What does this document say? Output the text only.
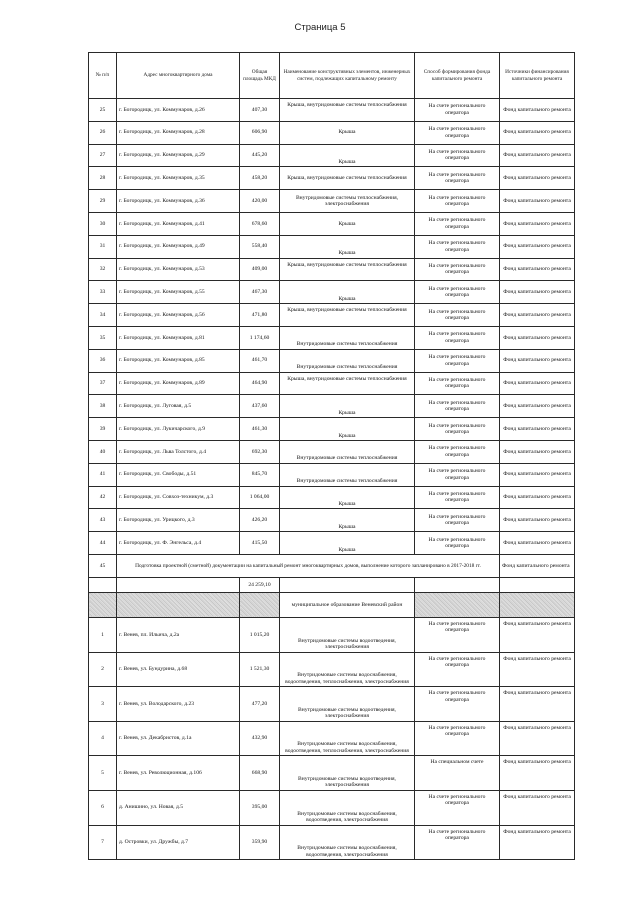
Страница 5
№ п/п	Адрес многоквартирного дома	Общая площадь МКД	Наименование конструктивных элементов, инженерных систем, подлежащих капитальному ремонту	Способ формирования фонда капитального ремонта	Источники финансирования капитального ремонта
25	г. Богородицк, ул. Коммунаров, д.26	407,30	Крыша, внутридомовые системы теплоснабжения	На счете регионального оператора	Фонд капитального ремонта
26	г. Богородицк, ул. Коммунаров, д.28	606,90	Крыша	На счете регионального оператора	Фонд капитального ремонта
27	г. Богородицк, ул. Коммунаров, д.29	445,20	Крыша	На счете регионального оператора	Фонд капитального ремонта
28	г. Богородицк, ул. Коммунаров, д.35	458,20	Крыша, внутридомовые системы теплоснабжения	На счете регионального оператора	Фонд капитального ремонта
29	г. Богородицк, ул. Коммунаров, д.36	420,00	Внутридомовые системы теплоснабжения, электроснабжения	На счете регионального оператора	Фонд капитального ремонта
30	г. Богородицк, ул. Коммунаров, д.41	678,60	Крыша	На счете регионального оператора	Фонд капитального ремонта
31	г. Богородицк, ул. Коммунаров, д.49	558,40	Крыша	На счете регионального оператора	Фонд капитального ремонта
32	г. Богородицк, ул. Коммунаров, д.53	409,00	Крыша, внутридомовые системы теплоснабжения	На счете регионального оператора	Фонд капитального ремонта
33	г. Богородицк, ул. Коммунаров, д.55	467,30	Крыша	На счете регионального оператора	Фонд капитального ремонта
34	г. Богородицк, ул. Коммунаров, д.56	471,80	Крыша, внутридомовые системы теплоснабжения	На счете регионального оператора	Фонд капитального ремонта
35	г. Богородицк, ул. Коммунаров, д.81	1 174,60	Внутридомовые системы теплоснабжения	На счете регионального оператора	Фонд капитального ремонта
36	г. Богородицк, ул. Коммунаров, д.85	461,70	Внутридомовые системы теплоснабжения	На счете регионального оператора	Фонд капитального ремонта
37	г. Богородицк, ул. Коммунаров, д.89	464,90	Крыша, внутридомовые системы теплоснабжения	На счете регионального оператора	Фонд капитального ремонта
38	г. Богородицк, ул. Луговая, д.5	437,60	Крыша	На счете регионального оператора	Фонд капитального ремонта
39	г. Богородицк, ул. Лукичарского, д.9	461,30	Крыша	На счете регионального оператора	Фонд капитального ремонта
40	г. Богородицк, ул. Льва Толстого, д.4	692,30	Внутридомовые системы теплоснабжения	На счете регионального оператора	Фонд капитального ремонта
41	г. Богородицк, ул. Свободы, д.51	845,70	Внутридомовые системы теплоснабжения	На счете регионального оператора	Фонд капитального ремонта
42	г. Богородицк, ул. Совхоз-техникум, д.3	1 064,00	Крыша	На счете регионального оператора	Фонд капитального ремонта
43	г. Богородицк, ул. Урицкого, д.3	426,20	Крыша	На счете регионального оператора	Фонд капитального ремонта
44	г. Богородицк, ул. Ф. Энгельса, д.4	415,50	Крыша	На счете регионального оператора	Фонд капитального ремонта
45	Подготовка проектной (сметной) документации на капитальный ремонт многоквартирных домов, выполнение которого запланировано в 2017-2018 гг.				Фонд капитального ремонта
		24 259,10			
			муниципальное образование Веневский район		
1	г. Венев, пл. Ильича, д.2а	1 015,20	Внутридомовые системы водоотведения, электроснабжения	На счете регионального оператора	Фонд капитального ремонта
2	г. Венев, ул. Бундурина, д.68	1 521,30	Внутридомовые системы водоснабжения, водоотведения, теплоснабжения, электроснабжения	На счете регионального оператора	Фонд капитального ремонта
3	г. Венев, ул. Володарского, д.23	477,20	Внутридомовые системы водоотведения, электроснабжения	На счете регионального оператора	Фонд капитального ремонта
4	г. Венев, ул. Декабристов, д.1а	432,90	Внутридомовые системы водоснабжения, водоотведения, теплоснабжения, электроснабжения	На счете регионального оператора	Фонд капитального ремонта
5	г. Венев, ул. Революционная, д.106	668,90	Внутридомовые системы водоотведения, электроснабжения	На специальном счете	Фонд капитального ремонта
6	д. Анишино, ул. Новая, д.5	395,00	Внутридомовые системы водоснабжения, водоотведения, электроснабжения	На счете регионального оператора	Фонд капитального ремонта
7	д. Островки, ул. Дружбы, д.7	359,90	Внутридомовые системы водоснабжения, водоотведения, электроснабжения	На счете регионального оператора	Фонд капитального ремонта
